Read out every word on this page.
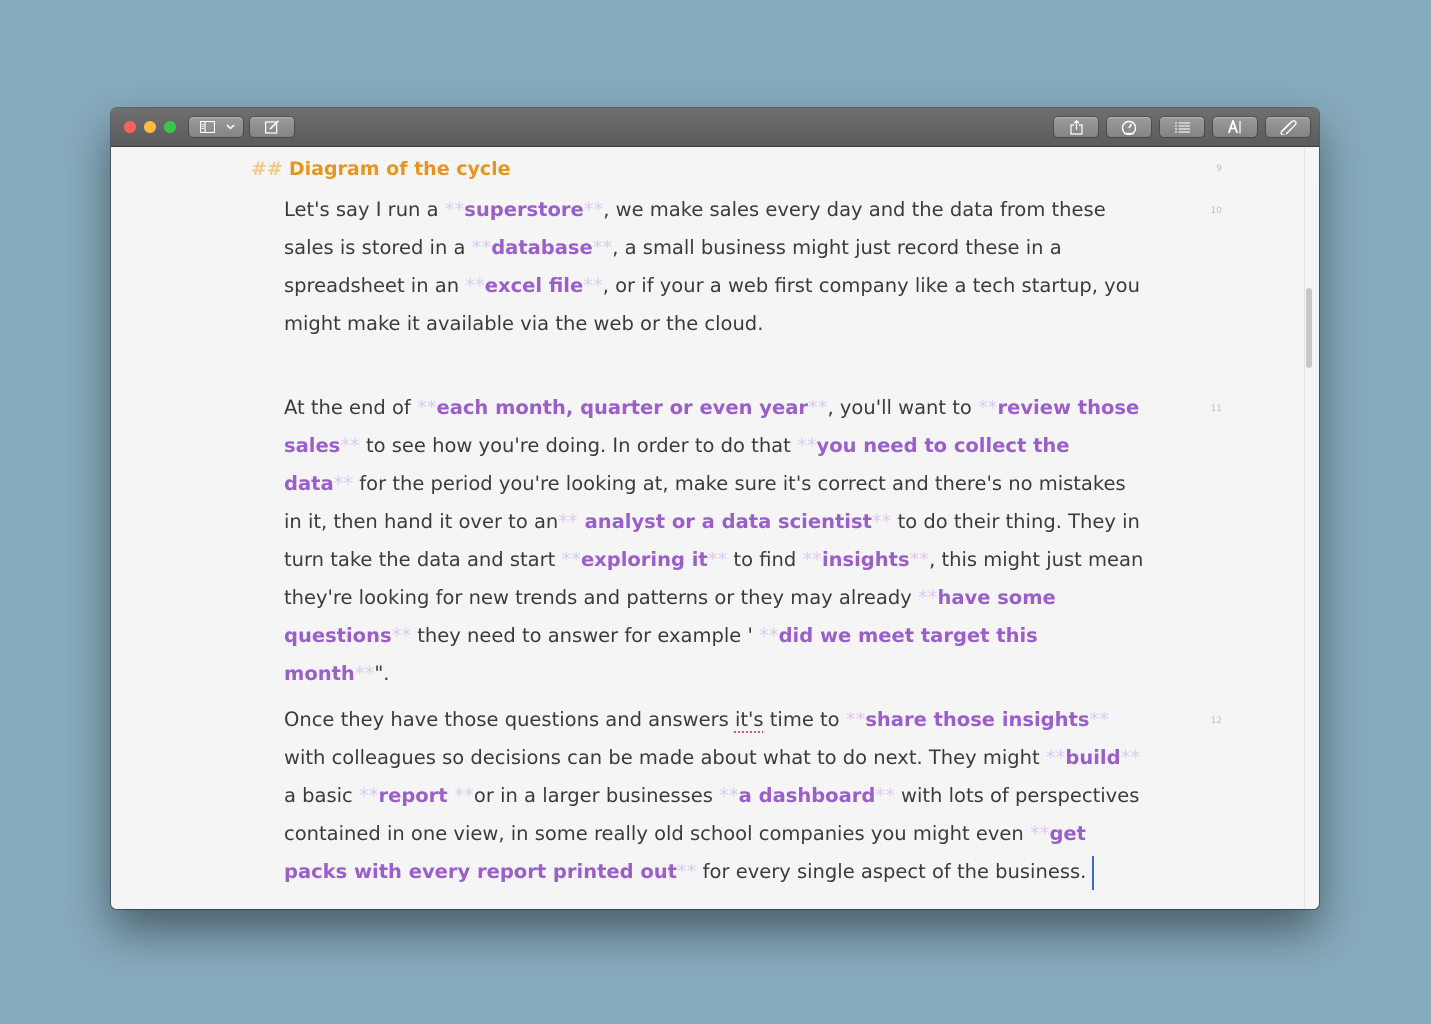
## Diagram of the cycle	9
Let's say I run a **superstore**, we make sales every day and the data from these sales is stored in a **database**, a small business might just record these in a spreadsheet in an **excel file**, or if your a web first company like a tech startup, you might make it available via the web or the cloud.
10
At the end of **each month, quarter or even year**, you'll want to **review those sales** to see how you're doing. In order to do that **you need to collect the data** for the period you're looking at, make sure it's correct and there's no mistakes in it, then hand it over to an** analyst or a data scientist** to do their thing. They in turn take the data and start **exploring it** to find **insights**, this might just mean they're looking for new trends and patterns or they may already **have some questions** they need to answer for example ' **did we meet target this month**".
11
Once they have those questions and answers it's time to **share those insights** with colleagues so decisions can be made about what to do next. They might **build** a basic **report **or in a larger businesses **a dashboard** with lots of perspectives contained in one view, in some really old school companies you might even **get packs with every report printed out** for every single aspect of the business.
12
